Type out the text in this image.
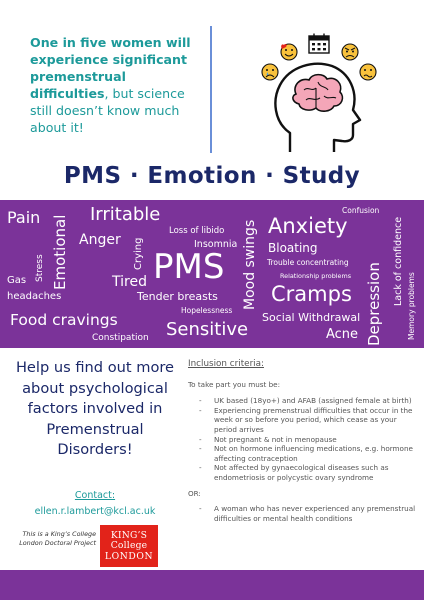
One in five women will experience significant premenstrual difficulties, but science still doesn’t know much about it!

PMS · Emotion · Study
Pain Emotional
Irritable
Anger Crying
Loss of libido
Insomnia Mood swings Anxiety
Confusion
Lack of confidence
Bloating
Trouble concentrating
Relationship problems
Stress
Gas
headaches
Tired PMS
Tender breasts
Hopelessness
Cramps Depression	Memory problems
Food cravings	Sensitive
Social Withdrawal
Acne
Constipation

Help us find out more about psychological factors involved in Premenstrual Disorders!

Contact:

ellen.r.lambert@kcl.ac.uk

This is a King’s College London Doctoral Project

KING’S College
LONDON
Inclusion criteria:
To take part you must be:
- UK based (18yo+) and AFAB (assigned female at birth)
- Experiencing premenstrual difficulties that occur in the week or so before you period, which cease as your period arrives
- Not pregnant & not in menopause
- Not on hormone influencing medications, e.g. hormone affecting contraception
- Not affected by gynaecological diseases such as endometriosis or polycystic ovary syndrome
OR:
- A woman who has never experienced any premenstrual difficulties or mental health conditions
